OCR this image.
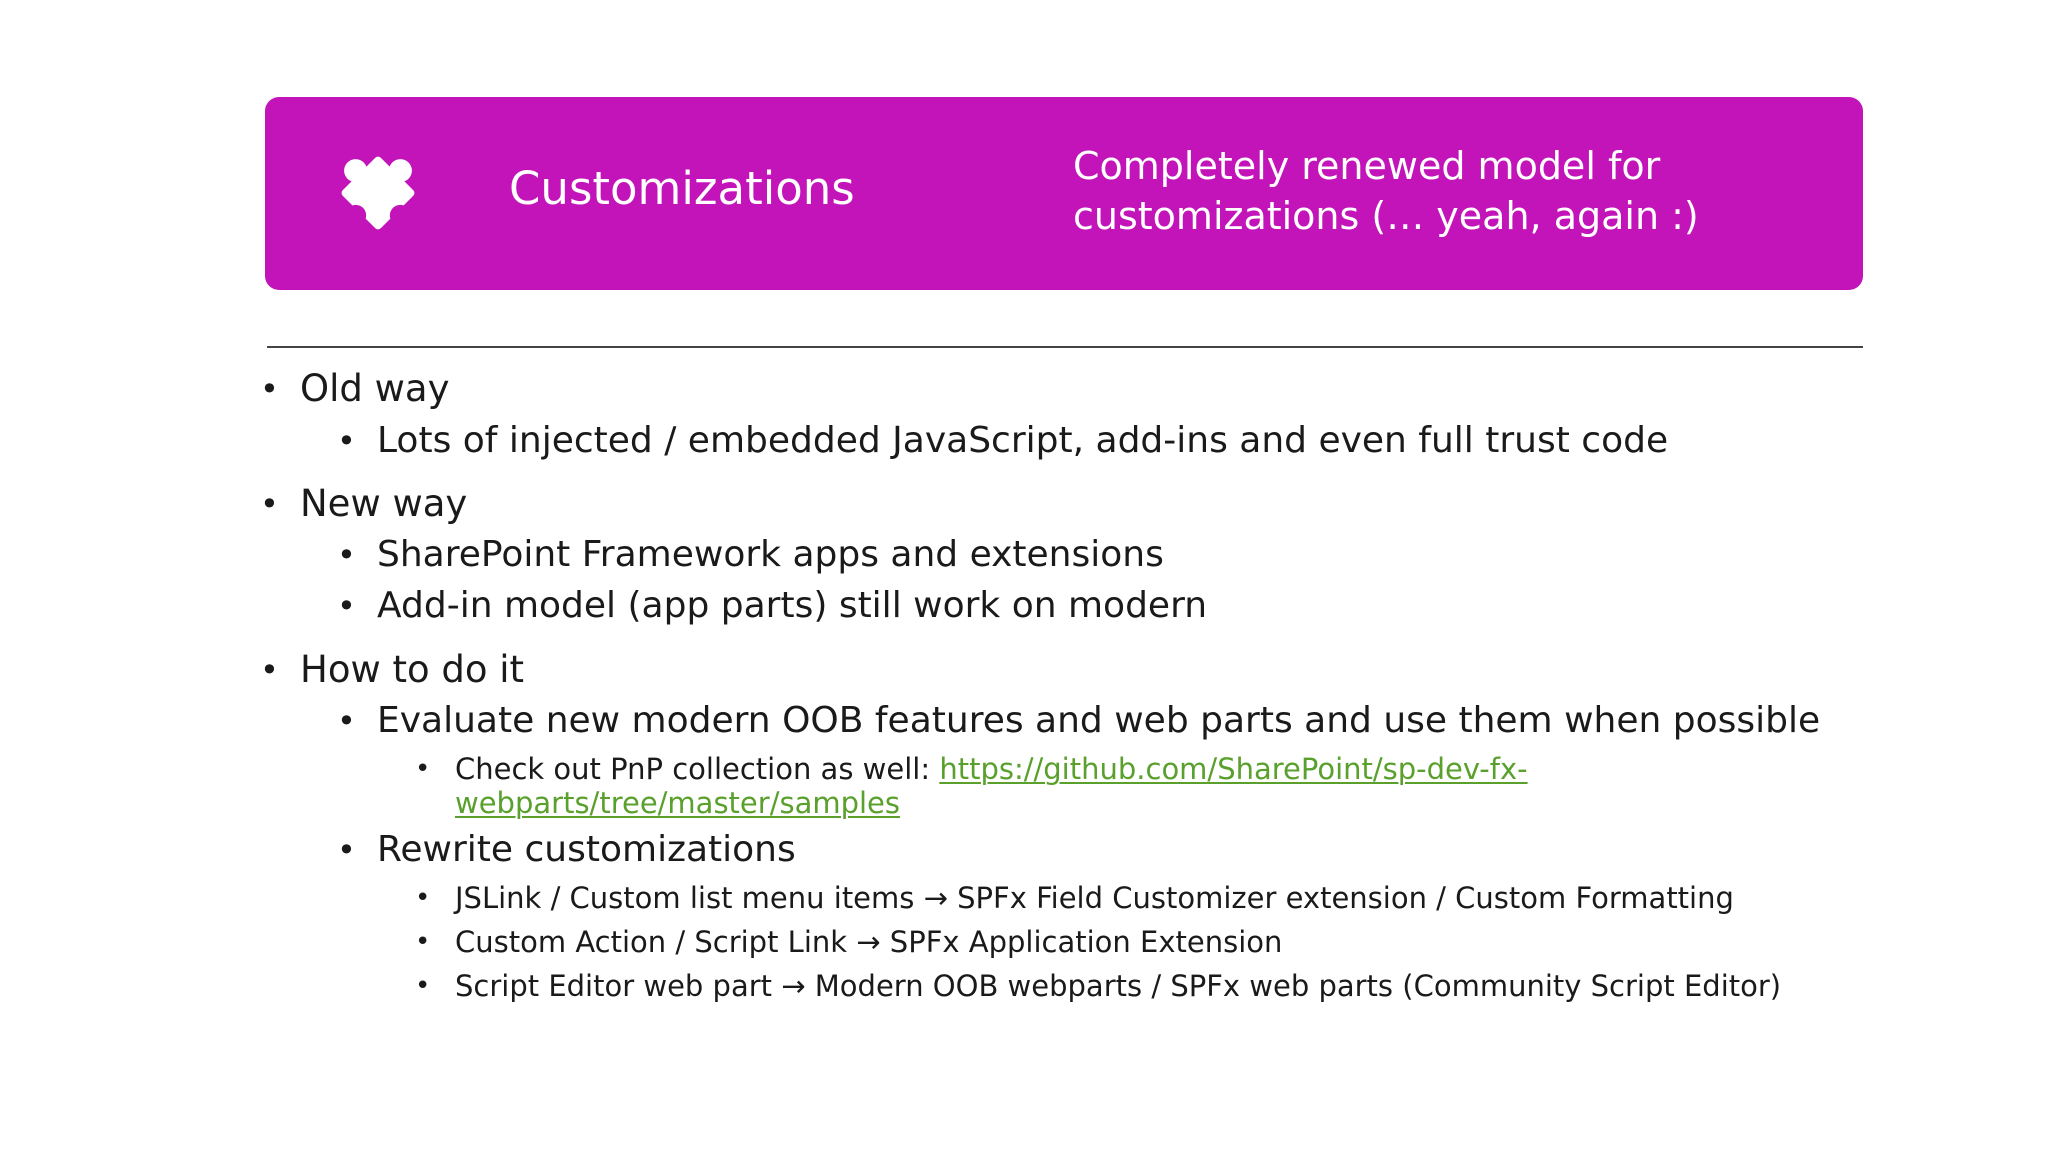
Customizations	Completely renewed model for customizations (… yeah, again :)
• Old way
• Lots of injected / embedded JavaScript, add-ins and even full trust code
• New way
• SharePoint Framework apps and extensions
• Add-in model (app parts) still work on modern
• How to do it
• Evaluate new modern OOB features and web parts and use them when possible
• Check out PnP collection as well: https://github.com/SharePoint/sp-dev-fx-
webparts/tree/master/samples
• Rewrite customizations
• JSLink / Custom list menu items → SPFx Field Customizer extension / Custom Formatting
• Custom Action / Script Link → SPFx Application Extension
• Script Editor web part → Modern OOB webparts / SPFx web parts (Community Script Editor)
